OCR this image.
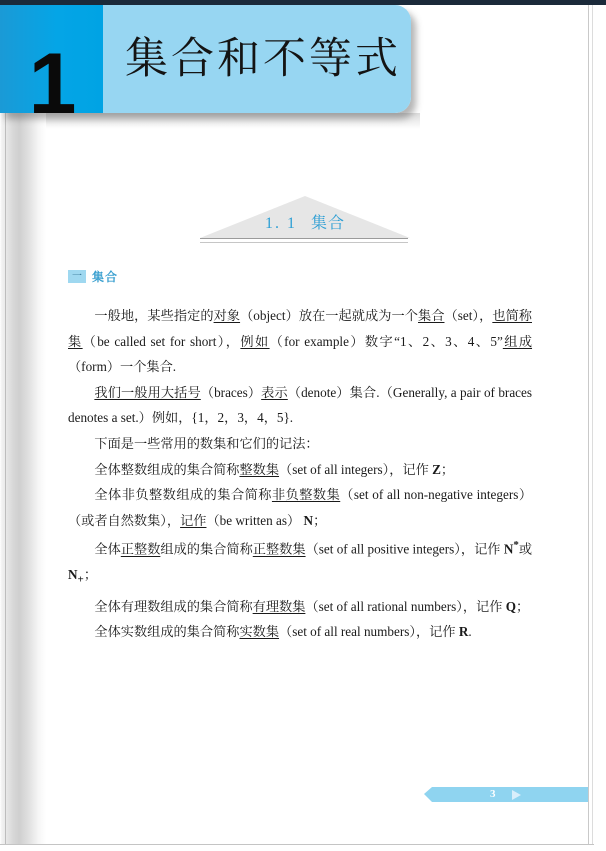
1	集合和不等式
1. 1 集合
一 集合

一般地，某些指定的对象（object）放在一起就成为一个集合（set），也简称集（be called set for short），例如（for example）数字“1、2、3、4、5”组成（form）一个集合.

我们一般用大括号（braces）表示（denote）集合.（Generally, a pair of braces denotes a set.）例如，{1，2，3，4，5}.

下面是一些常用的数集和它们的记法：

全体整数组成的集合简称整数集（set of all integers），记作 Z；

全体非负整数组成的集合简称非负整数集（set of all non-negative integers）（或者自然数集），记作（be written as） N；

全体正整数组成的集合简称正整数集（set of all positive integers），记作 N*或 $N_+$；

全体有理数组成的集合简称有理数集（set of all rational numbers），记作 Q；

全体实数组成的集合简称实数集（set of all real numbers），记作 R.

3
